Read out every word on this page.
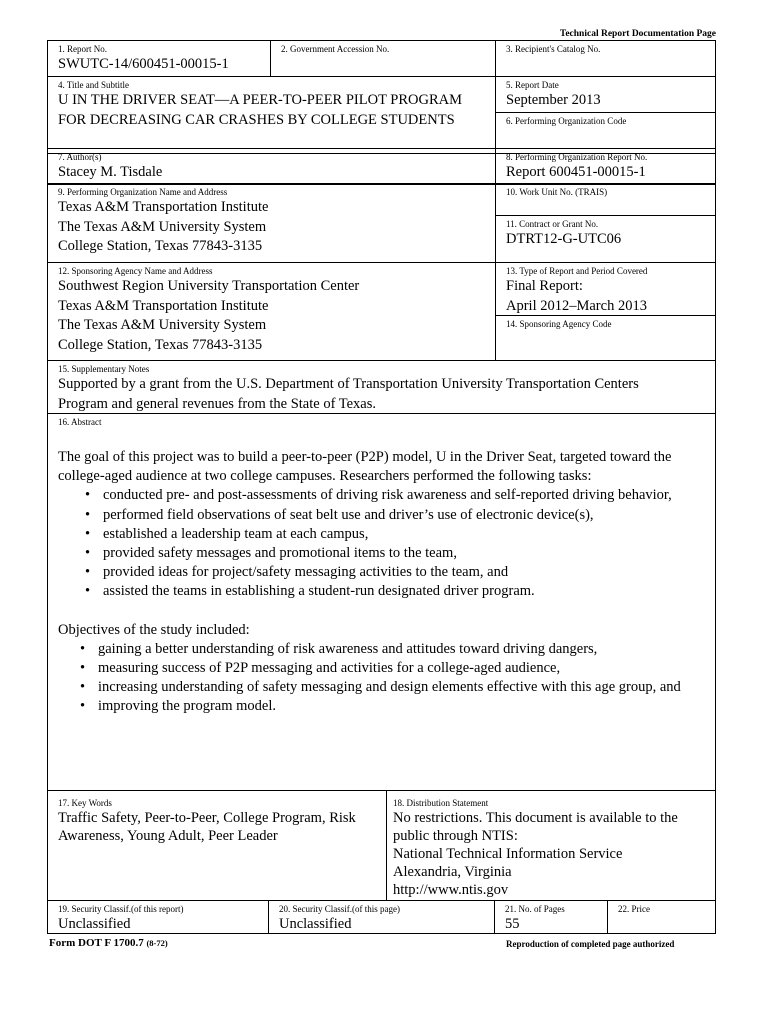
Technical Report Documentation Page
1. Report No.
SWUTC-14/600451-00015-1
2. Government Accession No.	3. Recipient's Catalog No.
4. Title and Subtitle
U IN THE DRIVER SEAT—A PEER-TO-PEER PILOT PROGRAM
FOR DECREASING CAR CRASHES BY COLLEGE STUDENTS
5. Report Date
September 2013
6. Performing Organization Code
7. Author(s)
Stacey M. Tisdale
8. Performing Organization Report No.
Report 600451-00015-1
9. Performing Organization Name and Address
Texas A&M Transportation Institute
The Texas A&M University System
College Station, Texas 77843-3135
10. Work Unit No. (TRAIS)
11. Contract or Grant No.
DTRT12-G-UTC06
12. Sponsoring Agency Name and Address
Southwest Region University Transportation Center
Texas A&M Transportation Institute
The Texas A&M University System
College Station, Texas 77843-3135
13. Type of Report and Period Covered
Final Report:
April 2012–March 2013
14. Sponsoring Agency Code
15. Supplementary Notes
Supported by a grant from the U.S. Department of Transportation University Transportation Centers
Program and general revenues from the State of Texas.
16. Abstract

The goal of this project was to build a peer-to-peer (P2P) model, U in the Driver Seat, targeted toward the college-aged audience at two college campuses. Researchers performed the following tasks:

• conducted pre- and post-assessments of driving risk awareness and self-reported driving behavior,
• performed field observations of seat belt use and driver’s use of electronic device(s),
• established a leadership team at each campus,
• provided safety messages and promotional items to the team,
• provided ideas for project/safety messaging activities to the team, and
• assisted the teams in establishing a student-run designated driver program.

Objectives of the study included:

• gaining a better understanding of risk awareness and attitudes toward driving dangers,
• measuring success of P2P messaging and activities for a college-aged audience,
• increasing understanding of safety messaging and design elements effective with this age group, and
• improving the program model.
17. Key Words
Traffic Safety, Peer-to-Peer, College Program, Risk
Awareness, Young Adult, Peer Leader
18. Distribution Statement
No restrictions. This document is available to the
public through NTIS:
National Technical Information Service
Alexandria, Virginia
http://www.ntis.gov
19. Security Classif.(of this report)
Unclassified
20. Security Classif.(of this page)
Unclassified
21. No. of Pages
55
22. Price
Form DOT F 1700.7 (8-72)	Reproduction of completed page authorized
